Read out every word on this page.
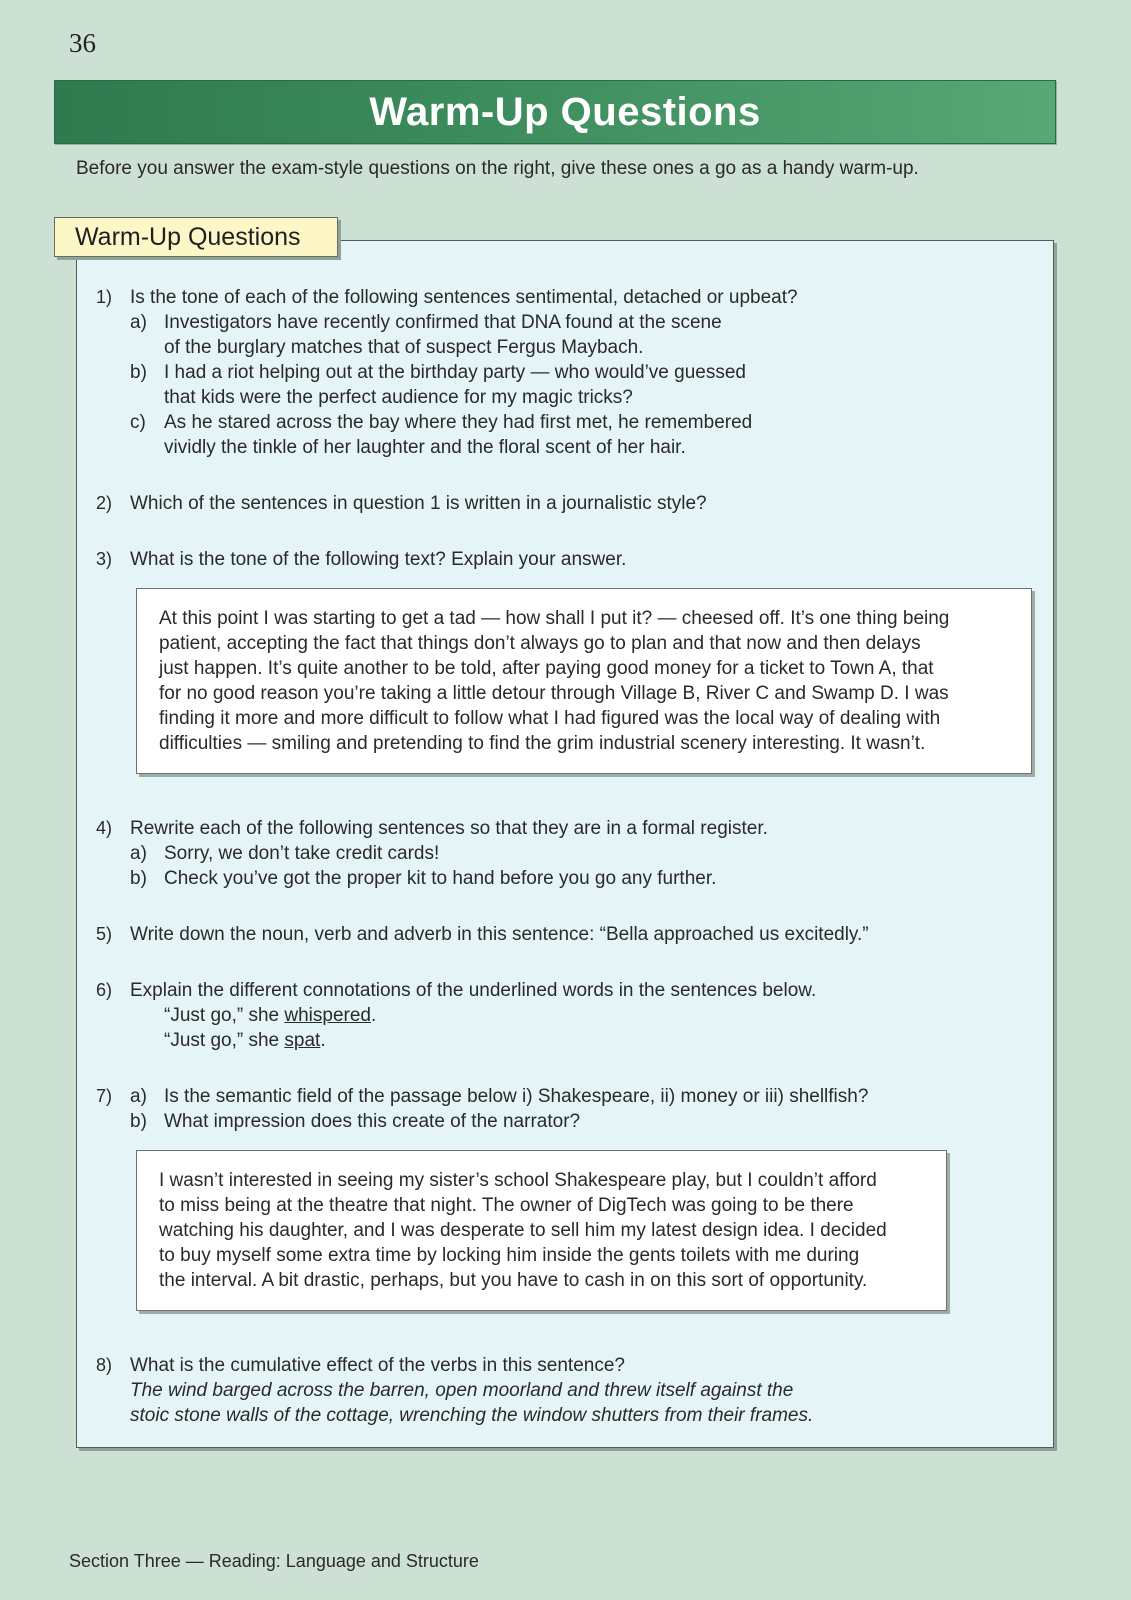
36
Warm-Up Questions
Before you answer the exam-style questions on the right, give these ones a go as a handy warm-up.
Warm-Up Questions
1) Is the tone of each of the following sentences sentimental, detached or upbeat?
a) Investigators have recently confirmed that DNA found at the scene
of the burglary matches that of suspect Fergus Maybach.
b) I had a riot helping out at the birthday party — who would’ve guessed
that kids were the perfect audience for my magic tricks?
c) As he stared across the bay where they had first met, he remembered
vividly the tinkle of her laughter and the floral scent of her hair.
2) Which of the sentences in question 1 is written in a journalistic style?
3) What is the tone of the following text? Explain your answer.
At this point I was starting to get a tad — how shall I put it? — cheesed off. It’s one thing being
patient, accepting the fact that things don’t always go to plan and that now and then delays
just happen. It’s quite another to be told, after paying good money for a ticket to Town A, that
for no good reason you’re taking a little detour through Village B, River C and Swamp D. I was
finding it more and more difficult to follow what I had figured was the local way of dealing with
difficulties — smiling and pretending to find the grim industrial scenery interesting. It wasn’t.
4) Rewrite each of the following sentences so that they are in a formal register.
a) Sorry, we don’t take credit cards!
b) Check you’ve got the proper kit to hand before you go any further.
5) Write down the noun, verb and adverb in this sentence: “Bella approached us excitedly.”
6) Explain the different connotations of the underlined words in the sentences below.
“Just go,” she whispered.
“Just go,” she spat.
7) a) Is the semantic field of the passage below i) Shakespeare, ii) money or iii) shellfish?
b) What impression does this create of the narrator?
I wasn’t interested in seeing my sister’s school Shakespeare play, but I couldn’t afford
to miss being at the theatre that night. The owner of DigTech was going to be there
watching his daughter, and I was desperate to sell him my latest design idea. I decided
to buy myself some extra time by locking him inside the gents toilets with me during
the interval. A bit drastic, perhaps, but you have to cash in on this sort of opportunity.
8) What is the cumulative effect of the verbs in this sentence?
The wind barged across the barren, open moorland and threw itself against the
stoic stone walls of the cottage, wrenching the window shutters from their frames.
Section Three — Reading: Language and Structure
